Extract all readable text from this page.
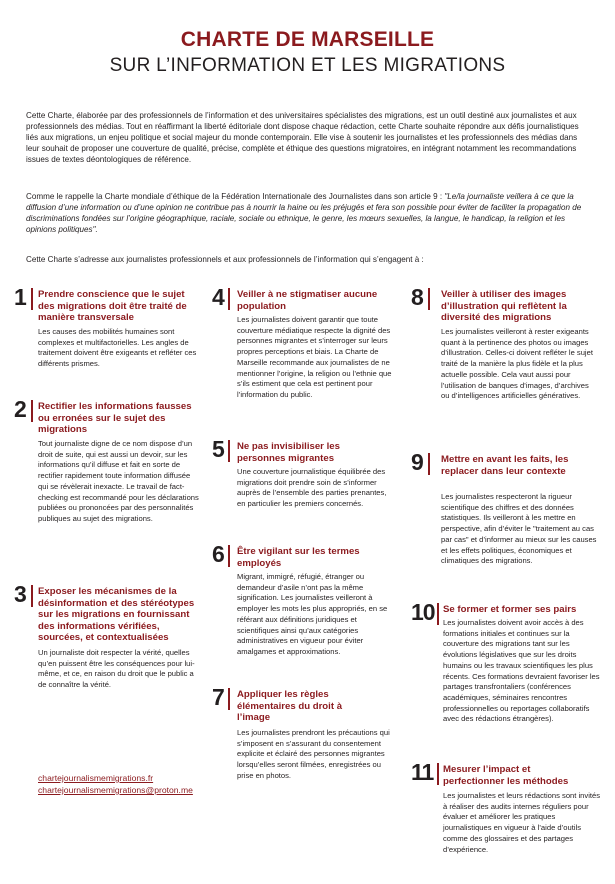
CHARTE DE MARSEILLE
SUR L’INFORMATION ET LES MIGRATIONS

Cette Charte, élaborée par des professionnels de l’information et des universitaires spécialistes des migrations, est un outil destiné aux journalistes et aux professionnels des médias. Tout en réaffirmant la liberté éditoriale dont dispose chaque rédaction, cette Charte souhaite répondre aux défis journalistiques liés aux migrations, un enjeu politique et social majeur du monde contemporain. Elle vise à soutenir les journalistes et les professionnels des médias dans leur souhait de proposer une couverture de qualité, précise, complète et éthique des questions migratoires, en intégrant notamment les recommandations issues de textes déontologiques de référence.

Comme le rappelle la Charte mondiale d’éthique de la Fédération Internationale des Journalistes dans son article 9 : "Le/la journaliste veillera à ce que la diffusion d’une information ou d’une opinion ne contribue pas à nourrir la haine ou les préjugés et fera son possible pour éviter de faciliter la propagation de discriminations fondées sur l’origine géographique, raciale, sociale ou ethnique, le genre, les mœurs sexuelles, la langue, le handicap, la religion et les opinions politiques".

Cette Charte s’adresse aux journalistes professionnels et aux professionnels de l’information qui s’engagent à :

1 Prendre conscience que le sujet des migrations doit être traité de manière transversale
Les causes des mobilités humaines sont complexes et multifactorielles. Les angles de traitement doivent être exigeants et refléter ces différents prismes.
2 Rectifier les informations fausses ou erronées sur le sujet des migrations
Tout journaliste digne de ce nom dispose d’un droit de suite, qui est aussi un devoir, sur les informations qu’il diffuse et fait en sorte de rectifier rapidement toute information diffusée qui se révèlerait inexacte. Le travail de fact-checking est recommandé pour les déclarations publiées ou prononcées par des personnalités publiques au sujet des migrations.
3 Exposer les mécanismes de la désinformation et des stéréotypes sur les migrations en fournissant des informations vérifiées, sourcées, et contextualisées
Un journaliste doit respecter la vérité, quelles qu’en puissent être les conséquences pour lui-même, et ce, en raison du droit que le public a de connaître la vérité.
4 Veiller à ne stigmatiser aucune population
Les journalistes doivent garantir que toute couverture médiatique respecte la dignité des personnes migrantes et s’interroger sur leurs propres perceptions et biais. La Charte de Marseille recommande aux journalistes de ne mentionner l’origine, la religion ou l’ethnie que s’ils estiment que cela est pertinent pour l’information du public.
5 Ne pas invisibiliser les personnes migrantes
Une couverture journalistique équilibrée des migrations doit prendre soin de s’informer auprès de l’ensemble des parties prenantes, en particulier les premiers concernés.
6 Être vigilant sur les termes employés
Migrant, immigré, réfugié, étranger ou demandeur d’asile n’ont pas la même signification. Les journalistes veilleront à employer les mots les plus appropriés, en se référant aux définitions juridiques et scientifiques ainsi qu’aux catégories administratives en vigueur pour éviter amalgames et approximations.
7 Appliquer les règles élémentaires du droit à l’image
Les journalistes prendront les précautions qui s’imposent en s’assurant du consentement explicite et éclairé des personnes migrantes lorsqu’elles seront filmées, enregistrées ou prise en photos.
8 Veiller à utiliser des images d’illustration qui reflètent la diversité des migrations
Les journalistes veilleront à rester exigeants quant à la pertinence des photos ou images d’illustration. Celles-ci doivent refléter le sujet traité de la manière la plus fidèle et la plus actuelle possible. Cela vaut aussi pour l’utilisation de banques d’images, d’archives ou d’intelligences artificielles génératives.
9 Mettre en avant les faits, les replacer dans leur contexte
Les journalistes respecteront la rigueur scientifique des chiffres et des données statistiques. Ils veilleront à les mettre en perspective, afin d’éviter le "traitement au cas par cas" et d’informer au mieux sur les causes et les effets politiques, économiques et climatiques des migrations.
10 Se former et former ses pairs
Les journalistes doivent avoir accès à des formations initiales et continues sur la couverture des migrations tant sur les évolutions législatives que sur les droits humains ou les travaux scientifiques les plus récents. Ces formations devraient favoriser les partages transfrontaliers (conférences académiques, séminaires rencontres professionnelles ou reportages collaboratifs avec des rédactions étrangères).
11 Mesurer l’impact et perfectionner les méthodes
Les journalistes et leurs rédactions sont invités à réaliser des audits internes réguliers pour évaluer et améliorer les pratiques journalistiques en vigueur à l’aide d’outils comme des glossaires et des partages d’expérience.
chartejournalismemigrations.fr
chartejournalismemigrations@proton.me
